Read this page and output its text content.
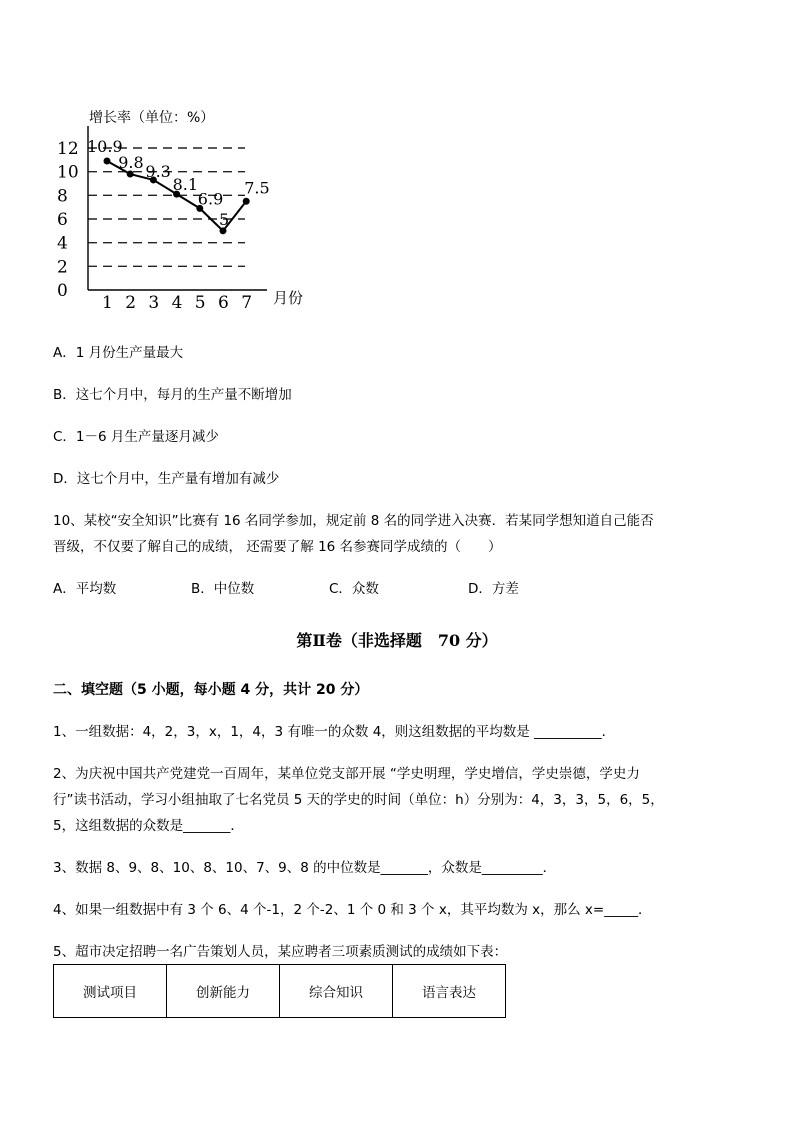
增长率（单位：%）
月份
0
2
4
6
8
10
12
1 2 3 4 5 6 7
10.9
9.8 9.3
8.1
6.9
5
7.5
A．1 月份生产量最大
B．这七个月中，每月的生产量不断增加
C．1－6 月生产量逐月减少
D．这七个月中，生产量有增加有减少
10、某校“安全知识”比赛有 16 名同学参加，规定前 8 名的同学进入决赛．若某同学想知道自己能否
晋级，不仅要了解自己的成绩， 还需要了解 16 名参赛同学成绩的（　　）
A．平均数	B．中位数	C．众数	D．方差
第Ⅱ卷（非选择题　70 分）
二、填空题（5 小题，每小题 4 分，共计 20 分）
1、一组数据：4，2，3，x，1，4，3 有唯一的众数 4，则这组数据的平均数是 __________．
2、为庆祝中国共产党建党一百周年，某单位党支部开展 “学史明理，学史增信，学史崇德，学史力
行”读书活动，学习小组抽取了七名党员 5 天的学史的时间（单位：h）分别为：4，3，3，5，6，5，
5，这组数据的众数是_______．
3、数据 8、9、8、10、8、10、7、9、8 的中位数是_______，众数是_________．
4、如果一组数据中有 3 个 6、4 个-1，2 个-2、1 个 0 和 3 个 x，其平均数为 x，那么 x=_____．
5、超市决定招聘一名广告策划人员，某应聘者三项素质测试的成绩如下表：
测试项目	创新能力	综合知识	语言表达
